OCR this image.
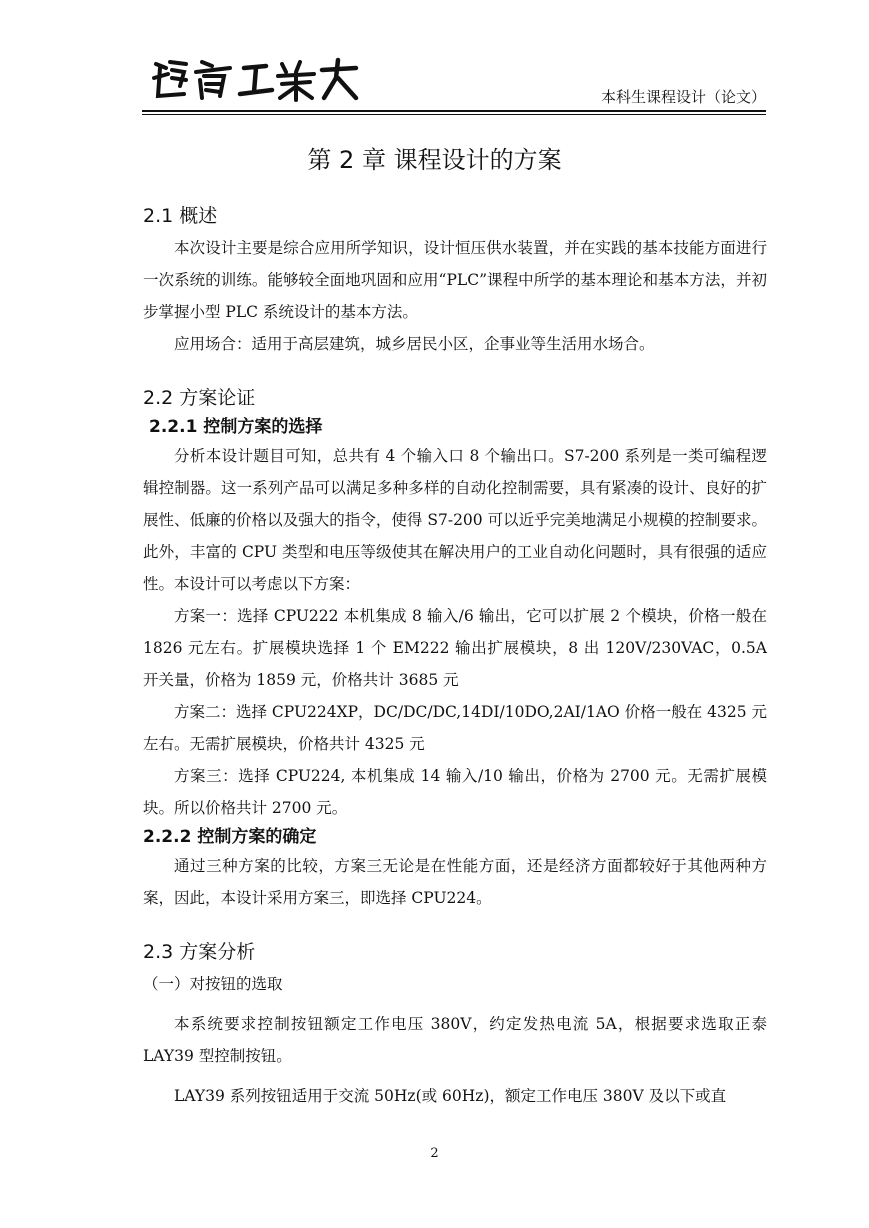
本科生课程设计（论文）
第 2 章 课程设计的方案
2.1 概述

本次设计主要是综合应用所学知识，设计恒压供水装置，并在实践的基本技能方面进行一次系统的训练。能够较全面地巩固和应用“PLC”课程中所学的基本理论和基本方法，并初步掌握小型 PLC 系统设计的基本方法。

应用场合：适用于高层建筑，城乡居民小区，企事业等生活用水场合。

2.2 方案论证
2.2.1 控制方案的选择

分析本设计题目可知，总共有 4 个输入口 8 个输出口。S7-200 系列是一类可编程逻辑控制器。这一系列产品可以满足多种多样的自动化控制需要，具有紧凑的设计、良好的扩展性、低廉的价格以及强大的指令，使得 S7-200 可以近乎完美地满足小规模的控制要求。此外，丰富的 CPU 类型和电压等级使其在解决用户的工业自动化问题时，具有很强的适应性。本设计可以考虑以下方案：

方案一：选择 CPU222 本机集成 8 输入/6 输出，它可以扩展 2 个模块，价格一般在 1826 元左右。扩展模块选择 1 个 EM222 输出扩展模块，8 出 120V/230VAC，0.5A 开关量，价格为 1859 元，价格共计 3685 元

方案二：选择 CPU224XP，DC/DC/DC,14DI/10DO,2AI/1AO 价格一般在 4325 元左右。无需扩展模块，价格共计 4325 元

方案三：选择 CPU224, 本机集成 14 输入/10 输出，价格为 2700 元。无需扩展模块。所以价格共计 2700 元。

2.2.2 控制方案的确定

通过三种方案的比较，方案三无论是在性能方面，还是经济方面都较好于其他两种方案，因此，本设计采用方案三，即选择 CPU224。

2.3 方案分析

（一）对按钮的选取

本系统要求控制按钮额定工作电压 380V，约定发热电流 5A，根据要求选取正泰 LAY39 型控制按钮。

LAY39 系列按钮适用于交流 50Hz(或 60Hz)，额定工作电压 380V 及以下或直

2
